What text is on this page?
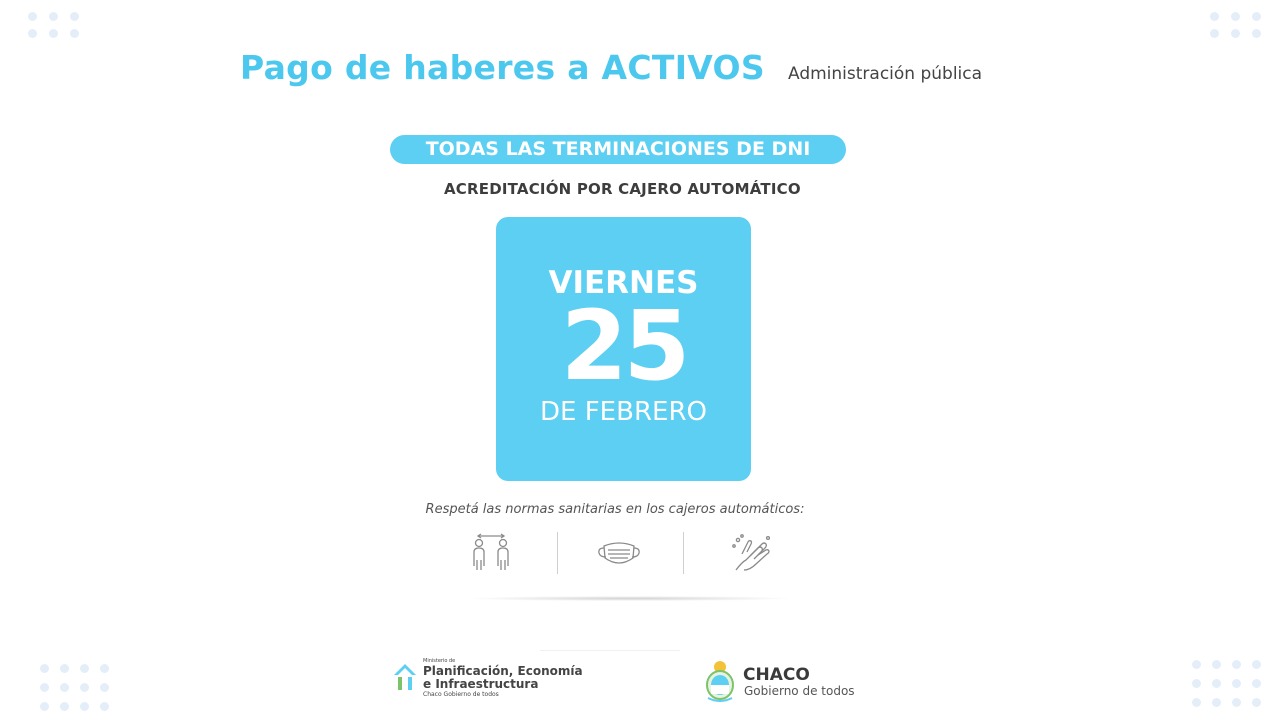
Pago de haberes a ACTIVOS Administración pública
TODAS LAS TERMINACIONES DE DNI
ACREDITACIÓN POR CAJERO AUTOMÁTICO
VIERNES
25
DE FEBRERO
Respetá las normas sanitarias en los cajeros automáticos:
Ministerio de
Planificación, Economía
e Infraestructura
Chaco Gobierno de todos
CHACO
Gobierno de todos
